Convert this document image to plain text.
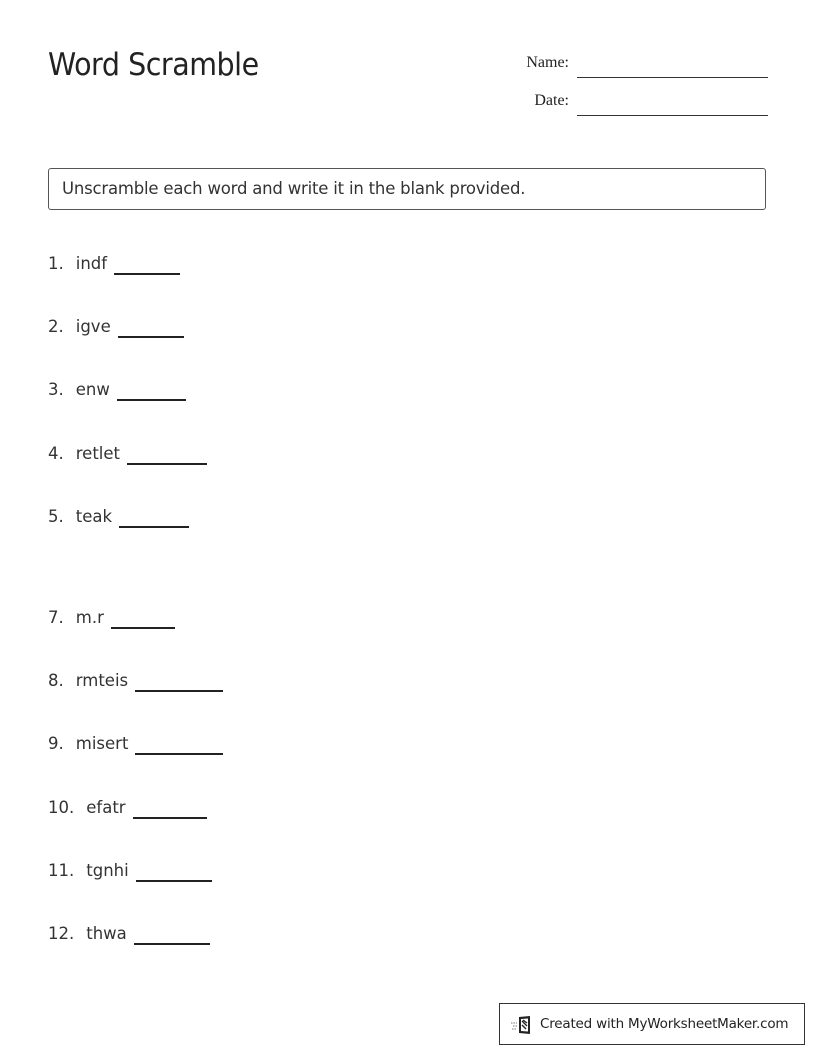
Word Scramble	Name:
Date:
Unscramble each word and write it in the blank provided.
1. indf
2. igve
3. enw
4. retlet
5. teak
7. m.r
8. rmteis
9. misert
10. efatr
11. tgnhi
12. thwa
Created with MyWorksheetMaker.com
